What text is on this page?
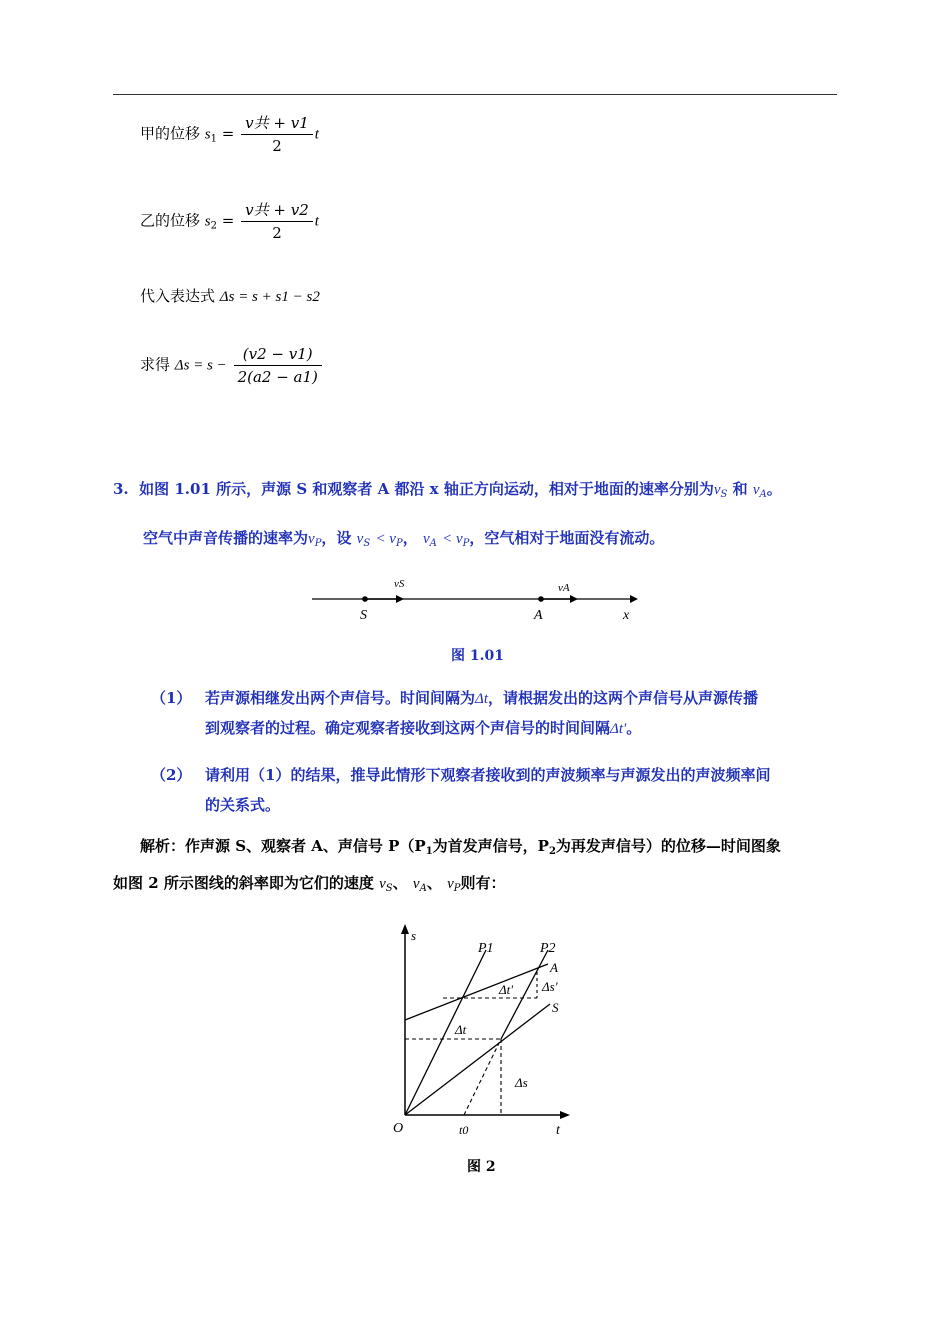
甲的位移 $s_1 = \frac{\text{v共 + v1}}{2}$ t
乙的位移 $s_2 = \frac{\text{v共 + v2}}{2}$ t
代入表达式 Δs = s + s1 − s2
求得 $\Delta s = s - \frac{(v2 - v1)}{2(a2 - a1)}$
3. 如图 1.01 所示，声源 S 和观察者 A 都沿 x 轴正方向运动，相对于地面的速率分别为$v_S$ 和 $v_A$。
空气中声音传播的速率为$v_P$，设 $v_S < v_P$， $v_A < v_P$，空气相对于地面没有流动。
vS	vA
S	A	x
图 1.01
（1） 若声源相继发出两个声信号。时间间隔为Δt，请根据发出的这两个声信号从声源传播
到观察者的过程。确定观察者接收到这两个声信号的时间间隔Δt'。
（2） 请利用（1）的结果，推导此情形下观察者接收到的声波频率与声源发出的声波频率间
的关系式。
解析：作声源 S、观察者 A、声信号 $P(P_1$为首发声信号，$P_2$为再发声信号）的位移—时间图象
如图 2 所示图线的斜率即为它们的速度 $v_S$、 $v_A$、 $v_P$则有：
s
O	t
t0
P1	P2
A
S
Δt
Δt' Δs'
Δs
图 2
